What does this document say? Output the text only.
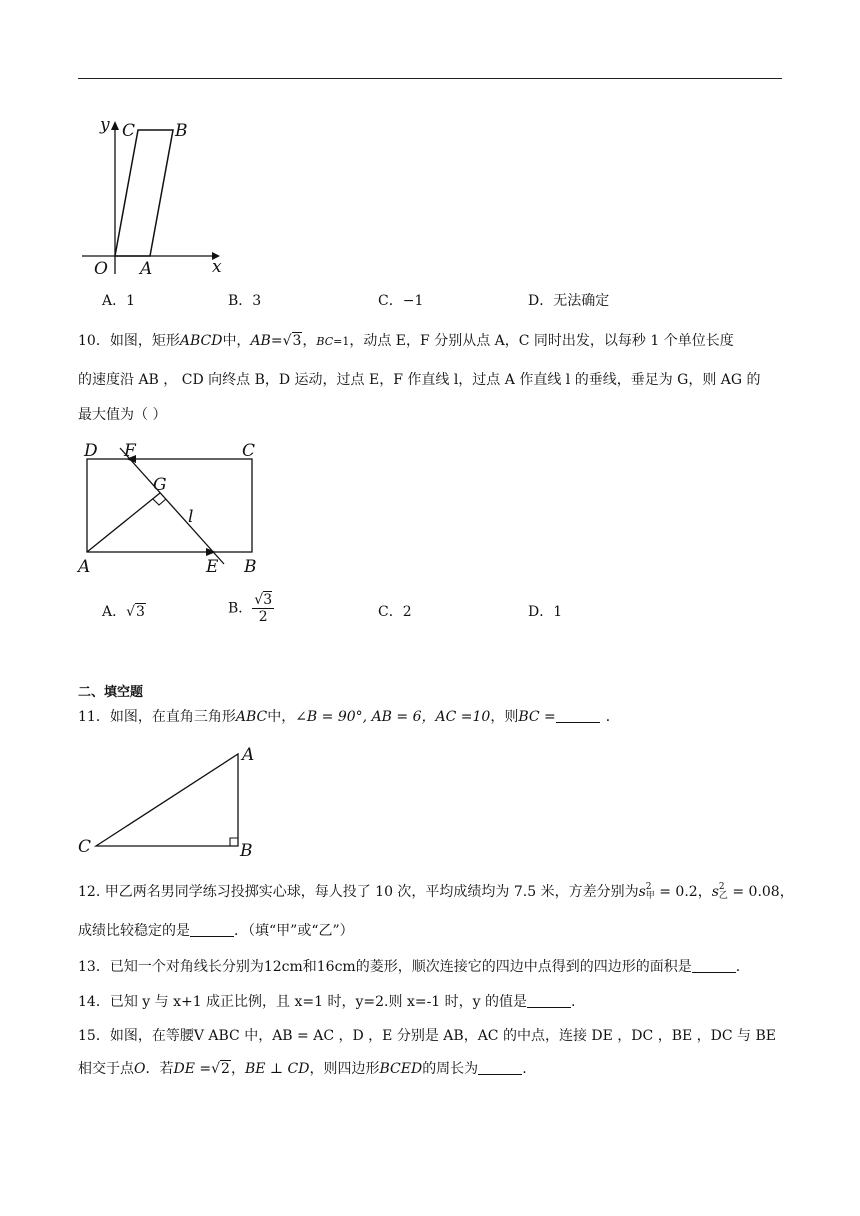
y C B
O A	x
A．1	B．3	C．−1	D．无法确定
10．如图，矩形ABCD中，AB=√3，BC=1，动点 E，F 分别从点 A，C 同时出发，以每秒 1 个单位长度
的速度沿 AB ， CD 向终点 B，D 运动，过点 E，F 作直线 l，过点 A 作直线 l 的垂线，垂足为 G，则 AG 的
最大值为（ ）
D F	C
G
l
A	E B
A．√3	B． $\frac{√3}{2}$	C．2	D．1
二、填空题
11．如图，在直角三角形ABC中，∠B = 90°, AB = 6，AC =10，则BC =	．
A
C	B
12. 甲乙两名男同学练习投掷实心球，每人投了 10 次，平均成绩均为 7.5 米，方差分别为s 2
甲 = 0.2，s 2
乙 = 0.08，
成绩比较稳定的是	．（填“甲”或“乙”）
13．已知一个对角线长分别为12cm和16cm的菱形，顺次连接它的四边中点得到的四边形的面积是	.
14．已知 y 与 x+1 成正比例，且 x=1 时，y=2.则 x=-1 时，y 的值是	.
15．如图，在等腰V ABC 中，AB = AC ，D ，E 分别是 AB，AC 的中点，连接 DE ，DC ，BE ，DC 与 BE
相交于点O．若DE =√2，BE ⊥ CD，则四边形BCED的周长为	.
